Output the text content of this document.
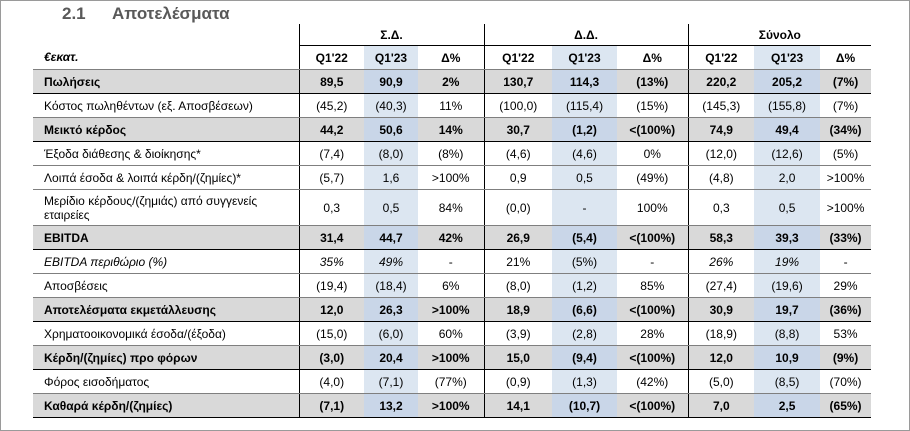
2.1 Αποτελέσματα
	Σ.Δ.			Δ.Δ.			Σύνολο		
€εκατ.	Q1'22	Q1'23	Δ%	Q1'22	Q1'23	Δ%	Q1'22	Q1'23	Δ%
Πωλήσεις	89,5	90,9	2%	130,7	114,3	(13%)	220,2	205,2	(7%)
Κόστος πωληθέντων (εξ. Αποσβέσεων)	(45,2)	(40,3)	11%	(100,0)	(115,4)	(15%)	(145,3)	(155,8)	(7%)
Μεικτό κέρδος	44,2	50,6	14%	30,7	(1,2)	<(100%)	74,9	49,4	(34%)
Έξοδα διάθεσης & διοίκησης*	(7,4)	(8,0)	(8%)	(4,6)	(4,6)	0%	(12,0)	(12,6)	(5%)
Λοιπά έσοδα & λοιπά κέρδη/(ζημίες)*	(5,7)	1,6	>100%	0,9	0,5	(49%)	(4,8)	2,0	>100%
Μερίδιο κέρδους/(ζημιάς) από συγγενείς εταιρείες	0,3	0,5	84%	(0,0)	-	100%	0,3	0,5	>100%
EBITDA	31,4	44,7	42%	26,9	(5,4)	<(100%)	58,3	39,3	(33%)
EBITDA περιθώριο (%)	35%	49%	-	21%	(5%)	-	26%	19%	-
Αποσβέσεις	(19,4)	(18,4)	6%	(8,0)	(1,2)	85%	(27,4)	(19,6)	29%
Αποτελέσματα εκμετάλλευσης	12,0	26,3	>100%	18,9	(6,6)	<(100%)	30,9	19,7	(36%)
Χρηματοοικονομικά έσοδα/(έξοδα)	(15,0)	(6,0)	60%	(3,9)	(2,8)	28%	(18,9)	(8,8)	53%
Κέρδη/(ζημίες) προ φόρων	(3,0)	20,4	>100%	15,0	(9,4)	<(100%)	12,0	10,9	(9%)
Φόρος εισοδήματος	(4,0)	(7,1)	(77%)	(0,9)	(1,3)	(42%)	(5,0)	(8,5)	(70%)
Καθαρά κέρδη/(ζημίες)	(7,1)	13,2	>100%	14,1	(10,7)	<(100%)	7,0	2,5	(65%)
